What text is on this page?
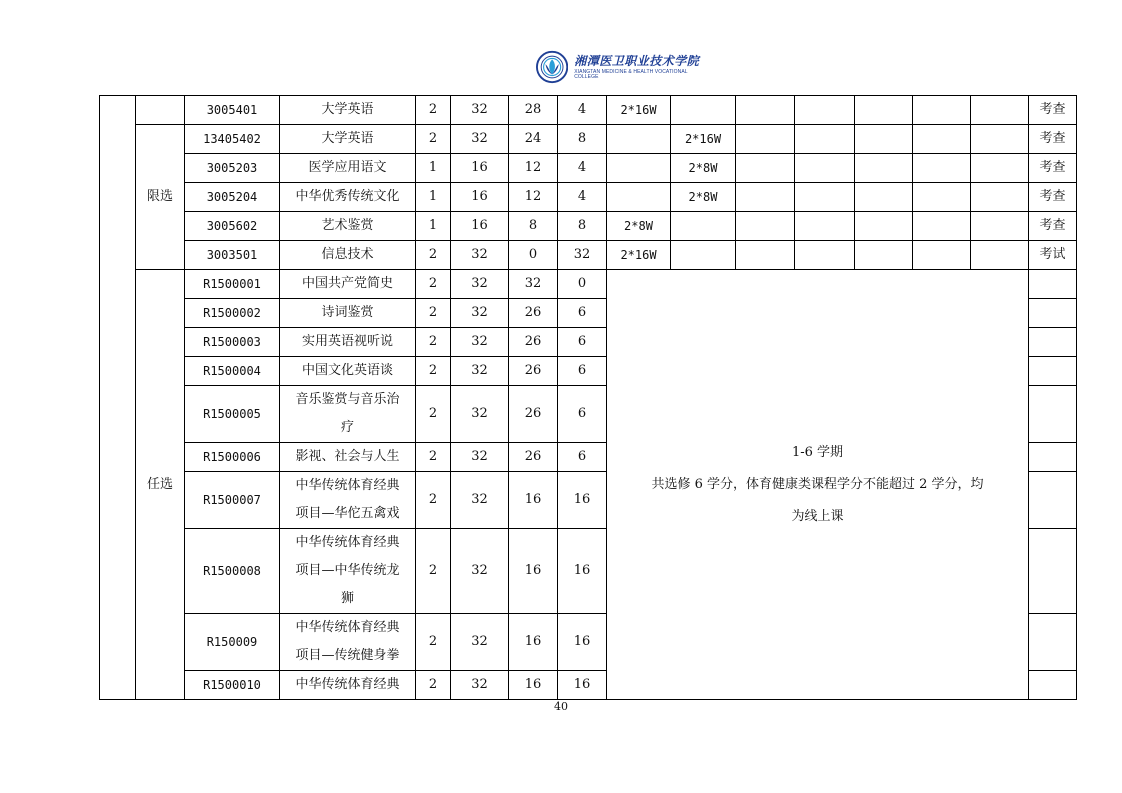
湘潭医卫职业技术学院
XIANGTAN MEDICINE & HEALTH VOCATIONAL COLLEGE
		3005401	大学英语	2	32	28	4	2*16W							考查
	限选	13405402	大学英语	2	32	24	8		2*16W						考查
		3005203	医学应用语文	1	16	12	4		2*8W						考查
		3005204	中华优秀传统文化	1	16	12	4		2*8W						考查
		3005602	艺术鉴赏	1	16	8	8	2*8W							考查
		3003501	信息技术	2	32	0	32	2*16W							考试
	任选	R1500001	中国共产党简史	2	32	32	0	1-6 学期
共选修 6 学分，体育健康类课程学分不能超过 2 学分，均
为线上课							

		R1500002	诗词鉴赏	2	32	26	6								
		R1500003	实用英语视听说	2	32	26	6								
		R1500004	中国文化英语谈	2	32	26	6								
		R1500005	音乐鉴赏与音乐治
疗	2	32	26	6								
		R1500006	影视、社会与人生	2	32	26	6								
		R1500007	中华传统体育经典
项目—华佗五禽戏	2	32	16	16								
		R1500008	中华传统体育经典
项目—中华传统龙
狮	2	32	16	16								
		R150009	中华传统体育经典
项目—传统健身拳	2	32	16	16								
		R1500010	中华传统体育经典	2	32	16	16								
40
